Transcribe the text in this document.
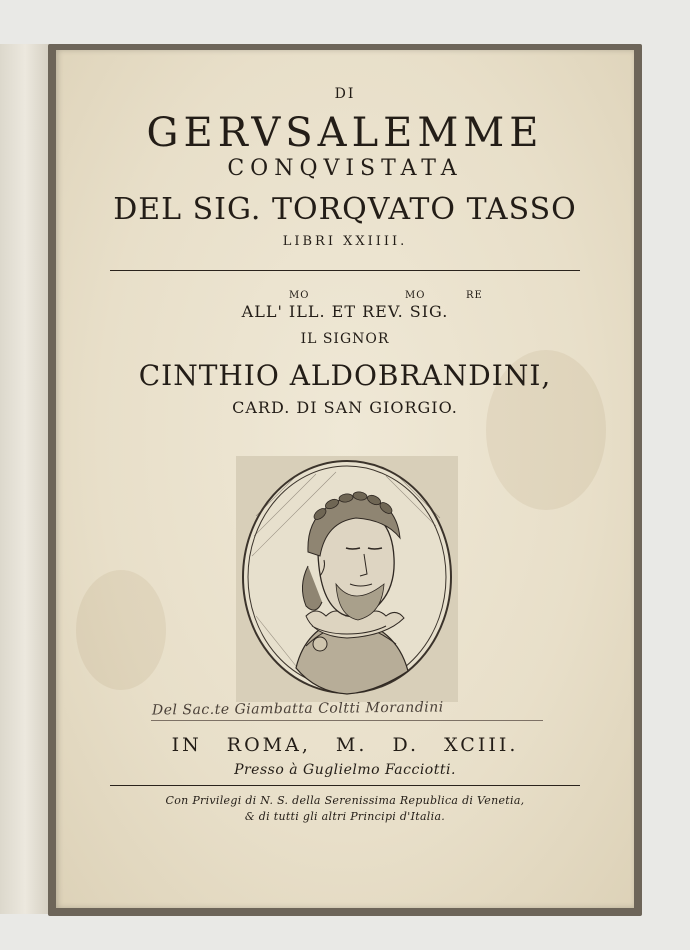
DI
GERVSALEMME
CONQVISTATA
DEL SIG. TORQVATO TASSO
LIBRI XXIIII.
MO	MO	RE
ALL' ILL. ET REV. SIG.
IL SIGNOR
CINTHIO ALDOBRANDINI,
CARD. DI SAN GIORGIO.
Del Sac.te Giambatta Coltti Morandini
IN ROMA, M. D. XCIII.
Presso à Guglielmo Facciotti.
Con Privilegi di N. S. della Serenissima Republica di Venetia,
& di tutti gli altri Principi d'Italia.
